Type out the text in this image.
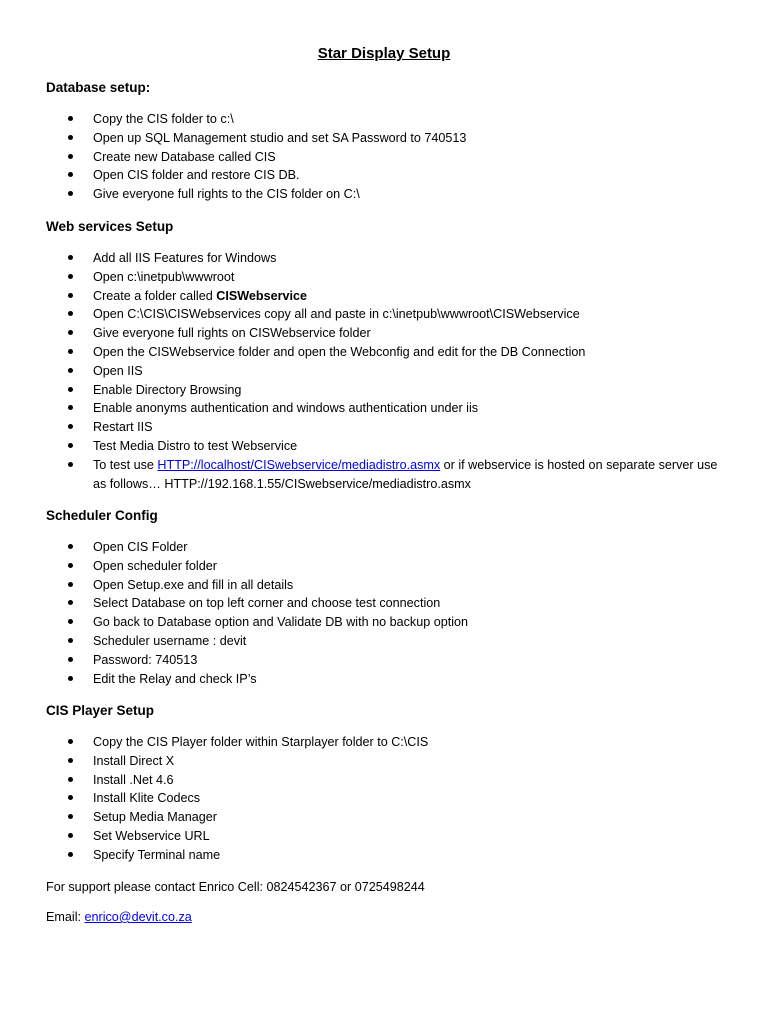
Star Display Setup
Database setup:
Copy the CIS folder to c:\
Open up SQL Management studio and set SA Password to 740513
Create new Database called CIS
Open CIS folder and restore CIS DB.
Give everyone full rights to the CIS folder on C:\
Web services Setup
Add all IIS Features for Windows
Open c:\inetpub\wwwroot
Create a folder called CISWebservice
Open C:\CIS\CISWebservices copy all and paste in c:\inetpub\wwwroot\CISWebservice
Give everyone full rights on CISWebservice folder
Open the CISWebservice folder and open the Webconfig and edit for the DB Connection
Open IIS
Enable Directory Browsing
Enable anonyms authentication and windows authentication under iis
Restart IIS
Test Media Distro to test Webservice
To test use HTTP://localhost/CISwebservice/mediadistro.asmx or if webservice is hosted on separate server use as follows… HTTP://192.168.1.55/CISwebservice/mediadistro.asmx
Scheduler Config
Open CIS Folder
Open scheduler folder
Open Setup.exe and fill in all details
Select Database on top left corner and choose test connection
Go back to Database option and Validate DB with no backup option
Scheduler username : devit
Password: 740513
Edit the Relay and check IP’s
CIS Player Setup
Copy the CIS Player folder within Starplayer folder to C:\CIS
Install Direct X
Install .Net 4.6
Install Klite Codecs
Setup Media Manager
Set Webservice URL
Specify Terminal name
For support please contact Enrico Cell: 0824542367 or 0725498244
Email: enrico@devit.co.za
